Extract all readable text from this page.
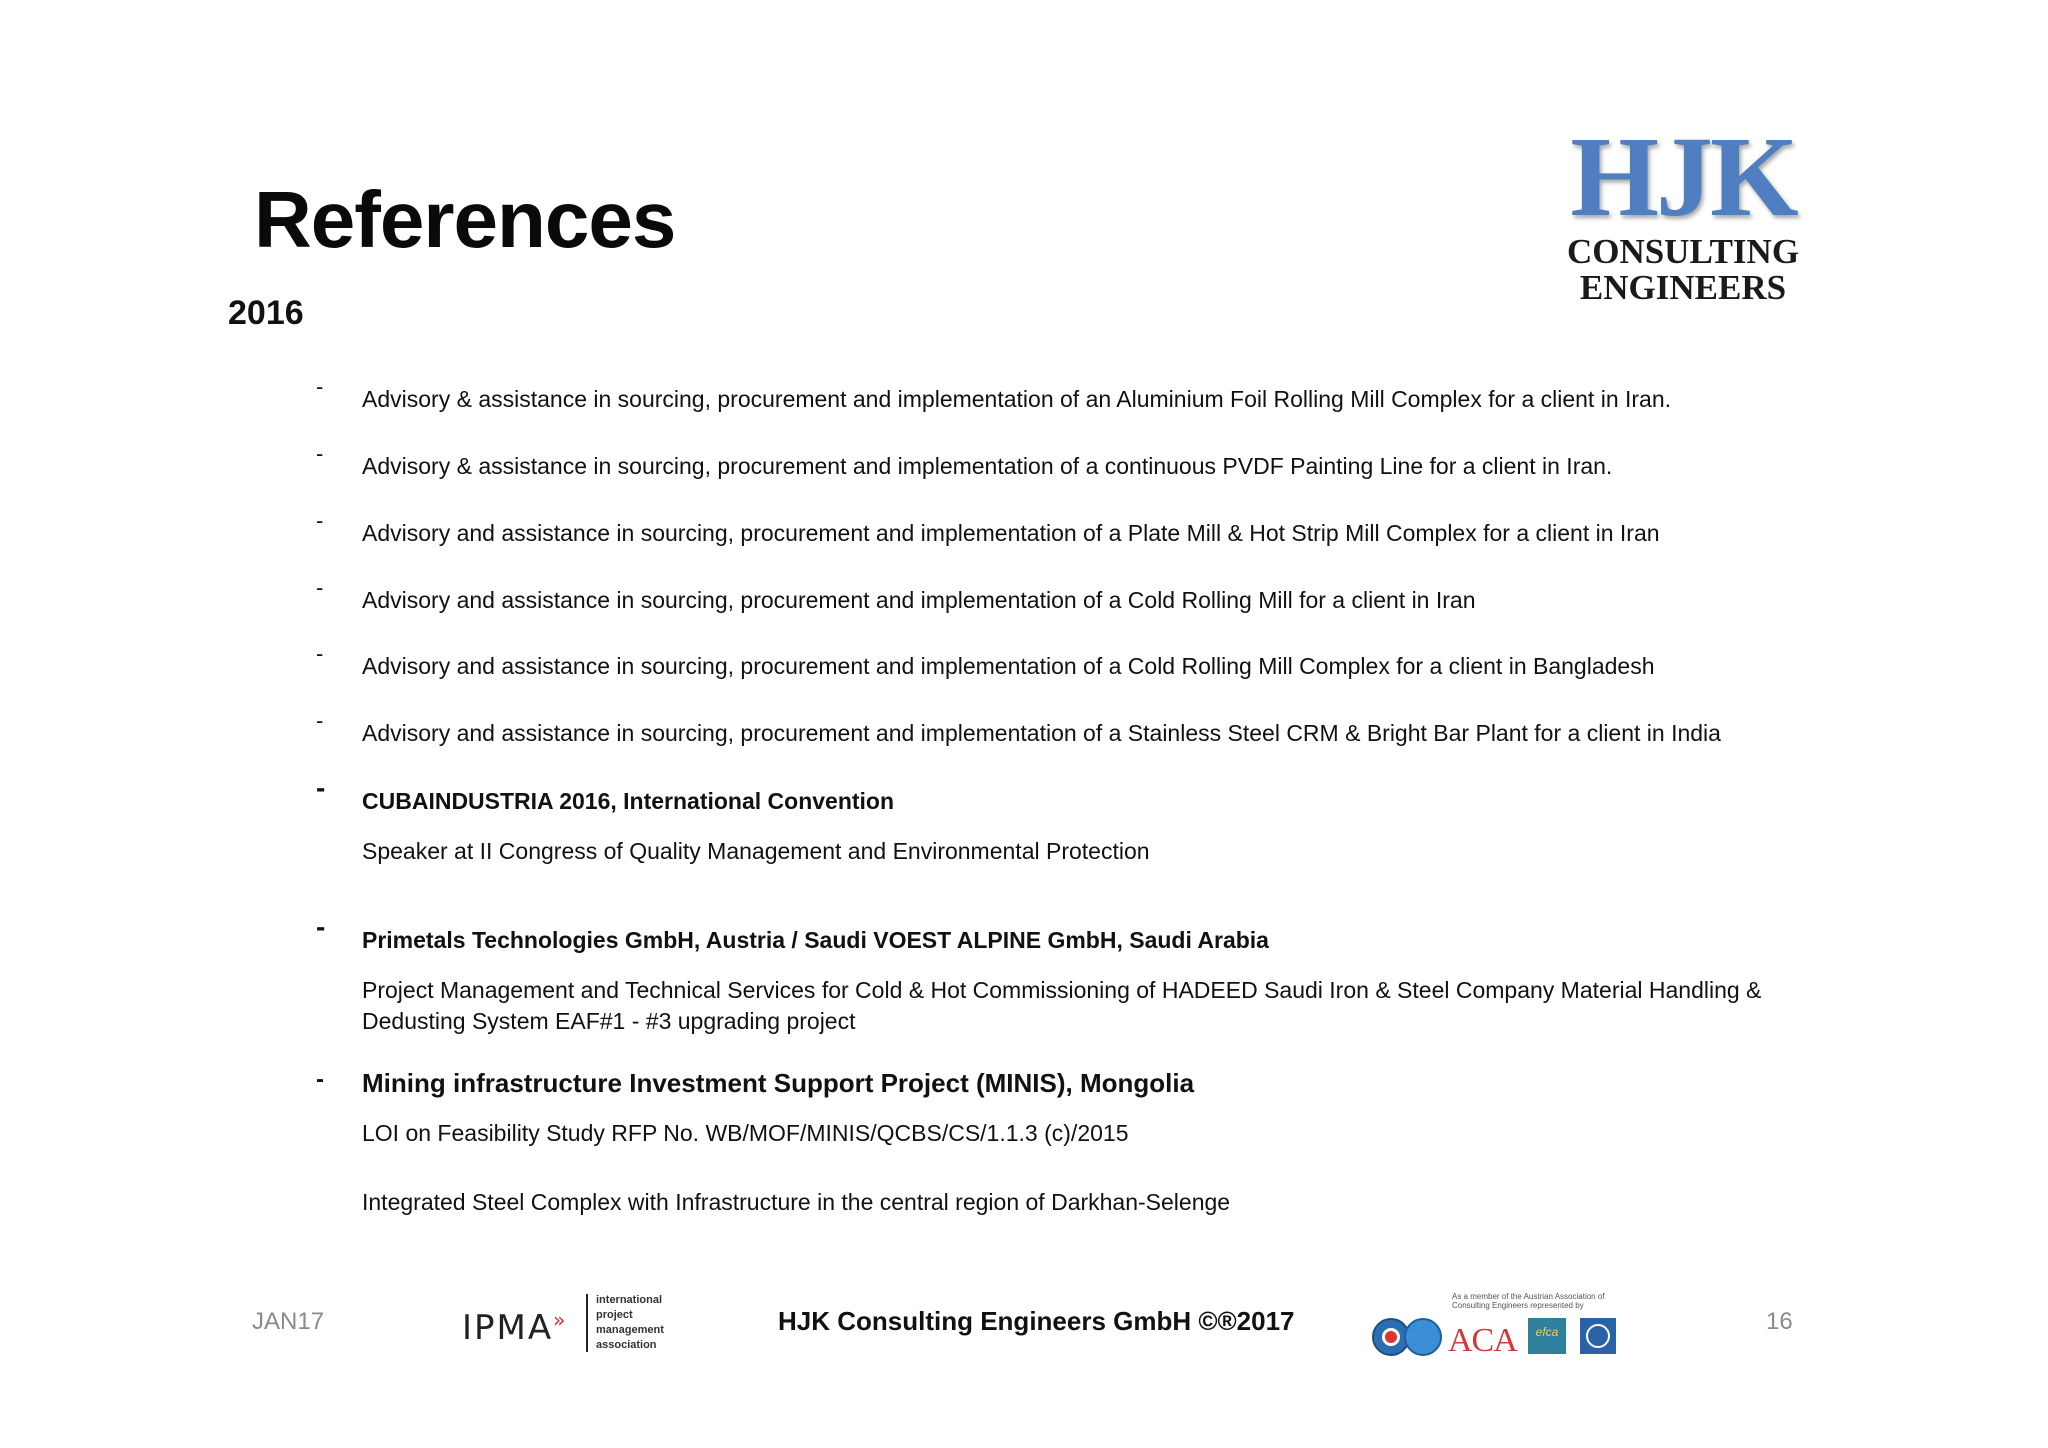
References
2016
HJK
CONSULTING
ENGINEERS
- Advisory & assistance in sourcing, procurement and implementation of an Aluminium Foil Rolling Mill Complex for a client in Iran.
- Advisory & assistance in sourcing, procurement and implementation of a continuous PVDF Painting Line for a client in Iran.
- Advisory and assistance in sourcing, procurement and implementation of a Plate Mill & Hot Strip Mill Complex for a client in Iran
- Advisory and assistance in sourcing, procurement and implementation of a Cold Rolling Mill for a client in Iran
- Advisory and assistance in sourcing, procurement and implementation of a Cold Rolling Mill Complex for a client in Bangladesh
- Advisory and assistance in sourcing, procurement and implementation of a Stainless Steel CRM & Bright Bar Plant for a client in India
- CUBAINDUSTRIA 2016, International Convention
Speaker at II Congress of Quality Management and Environmental Protection
- Primetals Technologies GmbH, Austria / Saudi VOEST ALPINE GmbH, Saudi Arabia
Project Management and Technical Services for Cold & Hot Commissioning of HADEED Saudi Iron & Steel Company Material Handling & Dedusting System EAF#1 - #3 upgrading project
- Mining infrastructure Investment Support Project (MINIS), Mongolia
LOI on Feasibility Study RFP No. WB/MOF/MINIS/QCBS/CS/1.1.3 (c)/2015
Integrated Steel Complex with Infrastructure in the central region of Darkhan-Selenge
JAN17	IPMA»
international
project
management
association
HJK Consulting Engineers GmbH ©®2017
As a member of the Austrian Association of Consulting Engineers represented by
ACA	efca	16
